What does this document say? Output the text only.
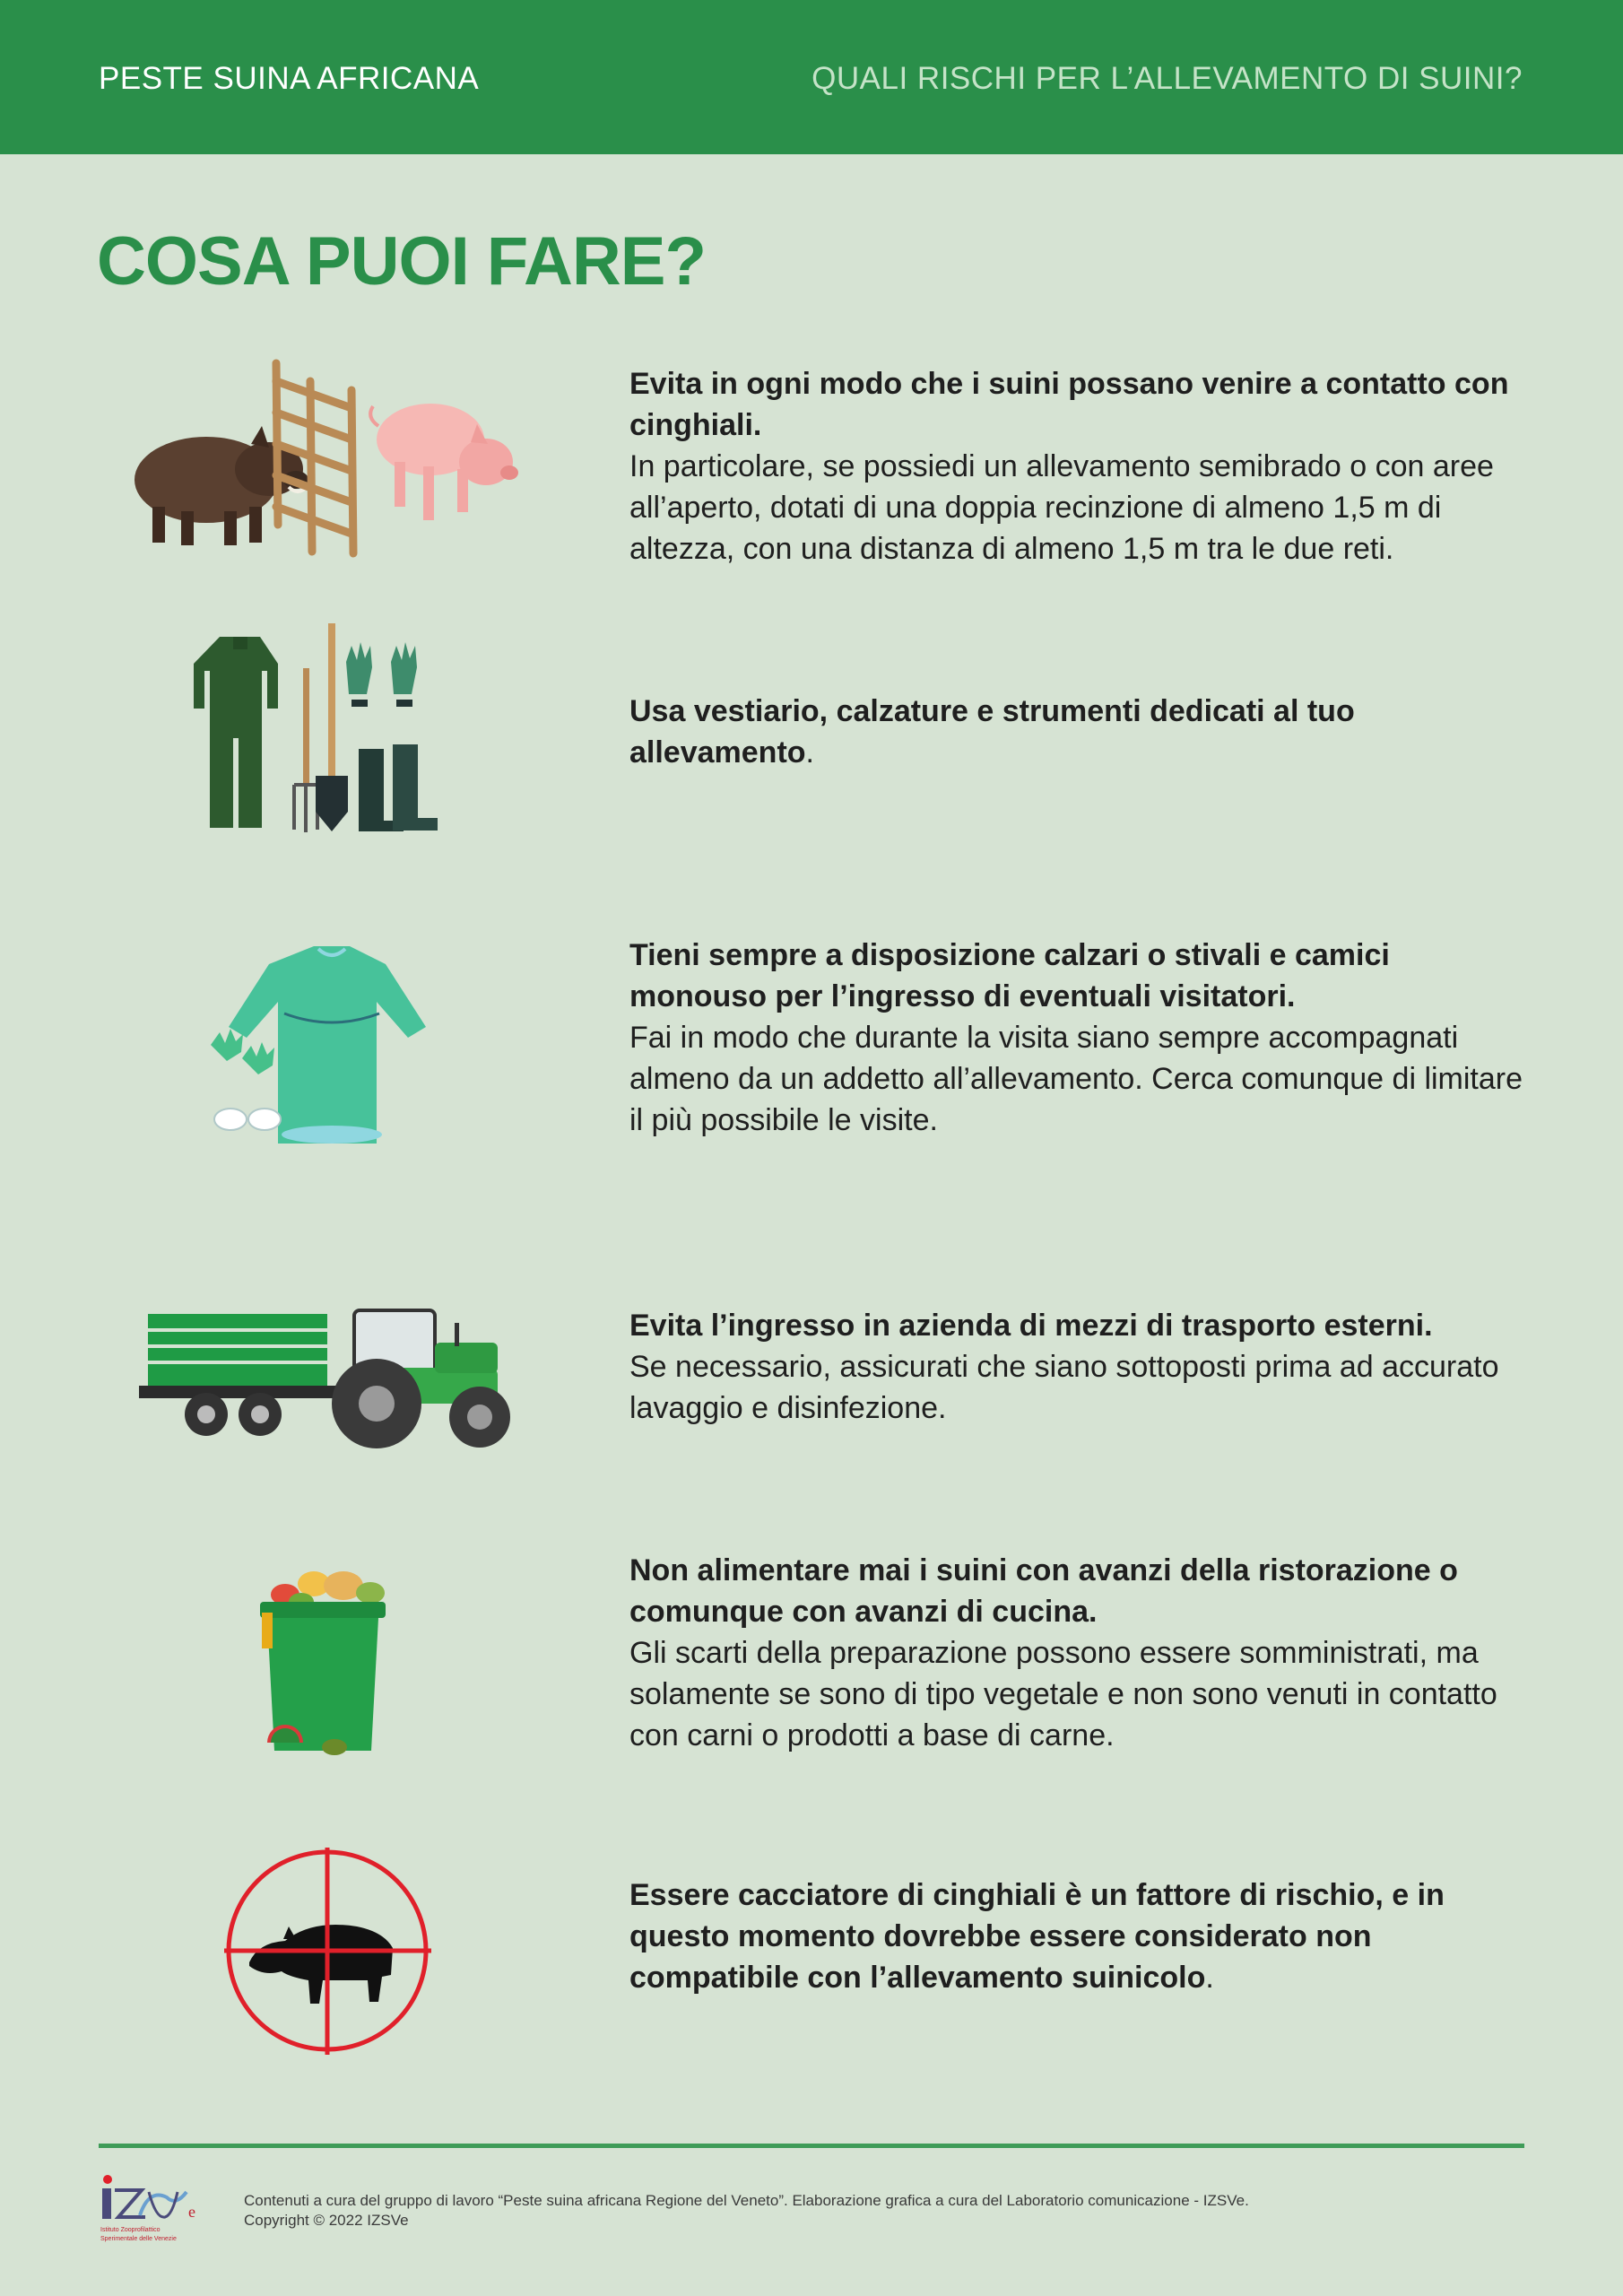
PESTE SUINA AFRICANA	QUALI RISCHI PER L’ALLEVAMENTO DI SUINI?
COSA PUOI FARE?
Evita in ogni modo che i suini possano venire a contatto con cinghiali.
In particolare, se possiedi un allevamento semibrado o con aree all’aperto, dotati di una doppia recinzione di almeno 1,5 m di altezza, con una distanza di almeno 1,5 m tra le due reti.
Usa vestiario, calzature e strumenti dedicati al tuo allevamento.
Tieni sempre a disposizione calzari o stivali e camici monouso per l’ingresso di eventuali visitatori.
Fai in modo che durante la visita siano sempre accompagnati almeno da un addetto all’allevamento. Cerca comunque di limitare il più possibile le visite.
Evita l’ingresso in azienda di mezzi di trasporto esterni.
Se necessario, assicurati che siano sottoposti prima ad accurato lavaggio e disinfezione.
Non alimentare mai i suini con avanzi della ristorazione o comunque con avanzi di cucina.
Gli scarti della preparazione possono essere somministrati, ma solamente se sono di tipo vegetale e non sono venuti in contatto con carni o prodotti a base di carne.
Essere cacciatore di cinghiali è un fattore di rischio, e in questo momento dovrebbe essere considerato non compatibile con l’allevamento suinicolo.
e
Istituto Zooprofilattico
Sperimentale delle Venezie
Contenuti a cura del gruppo di lavoro “Peste suina africana Regione del Veneto”. Elaborazione grafica a cura del Laboratorio comunicazione - IZSVe.
Copyright © 2022 IZSVe
